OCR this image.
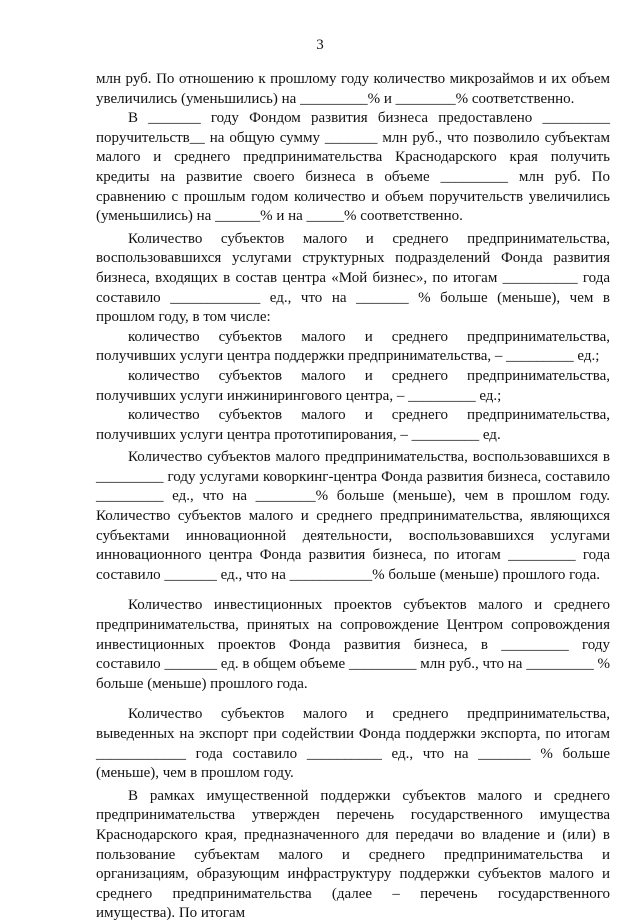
3

млн руб. По отношению к прошлому году количество микрозаймов и их объем увеличились (уменьшились) на _________% и ________% соответственно.

В _______ году Фондом развития бизнеса предоставлено _________ поручительств__ на общую сумму _______ млн руб., что позволило субъектам малого и среднего предпринимательства Краснодарского края получить кредиты на развитие своего бизнеса в объеме _________ млн руб. По сравнению с прошлым годом количество и объем поручительств увеличились (уменьшились) на ______% и на _____% соответственно.

Количество субъектов малого и среднего предпринимательства, воспользовавшихся услугами структурных подразделений Фонда развития бизнеса, входящих в состав центра «Мой бизнес», по итогам __________ года составило ____________ ед., что на _______ % больше (меньше), чем в прошлом году, в том числе:

количество субъектов малого и среднего предпринимательства, получивших услуги центра поддержки предпринимательства, – _________ ед.;

количество субъектов малого и среднего предпринимательства, получивших услуги инжинирингового центра, – _________ ед.;

количество субъектов малого и среднего предпринимательства, получивших услуги центра прототипирования, – _________ ед.

Количество субъектов малого предпринимательства, воспользовавшихся в _________ году услугами коворкинг-центра Фонда развития бизнеса, составило _________ ед., что на ________% больше (меньше), чем в прошлом году. Количество субъектов малого и среднего предпринимательства, являющихся субъектами инновационной деятельности, воспользовавшихся услугами инновационного центра Фонда развития бизнеса, по итогам _________ года составило _______ ед., что на ___________% больше (меньше) прошлого года.

Количество инвестиционных проектов субъектов малого и среднего предпринимательства, принятых на сопровождение Центром сопровождения инвестиционных проектов Фонда развития бизнеса, в _________ году составило _______ ед. в общем объеме _________ млн руб., что на _________ % больше (меньше) прошлого года.

Количество субъектов малого и среднего предпринимательства, выведенных на экспорт при содействии Фонда поддержки экспорта, по итогам ____________ года составило __________ ед., что на _______ % больше (меньше), чем в прошлом году.

В рамках имущественной поддержки субъектов малого и среднего предпринимательства утвержден перечень государственного имущества Краснодарского края, предназначенного для передачи во владение и (или) в пользование субъектам малого и среднего предпринимательства и организациям, образующим инфраструктуру поддержки субъектов малого и среднего предпринимательства (далее – перечень государственного имущества). По итогам
